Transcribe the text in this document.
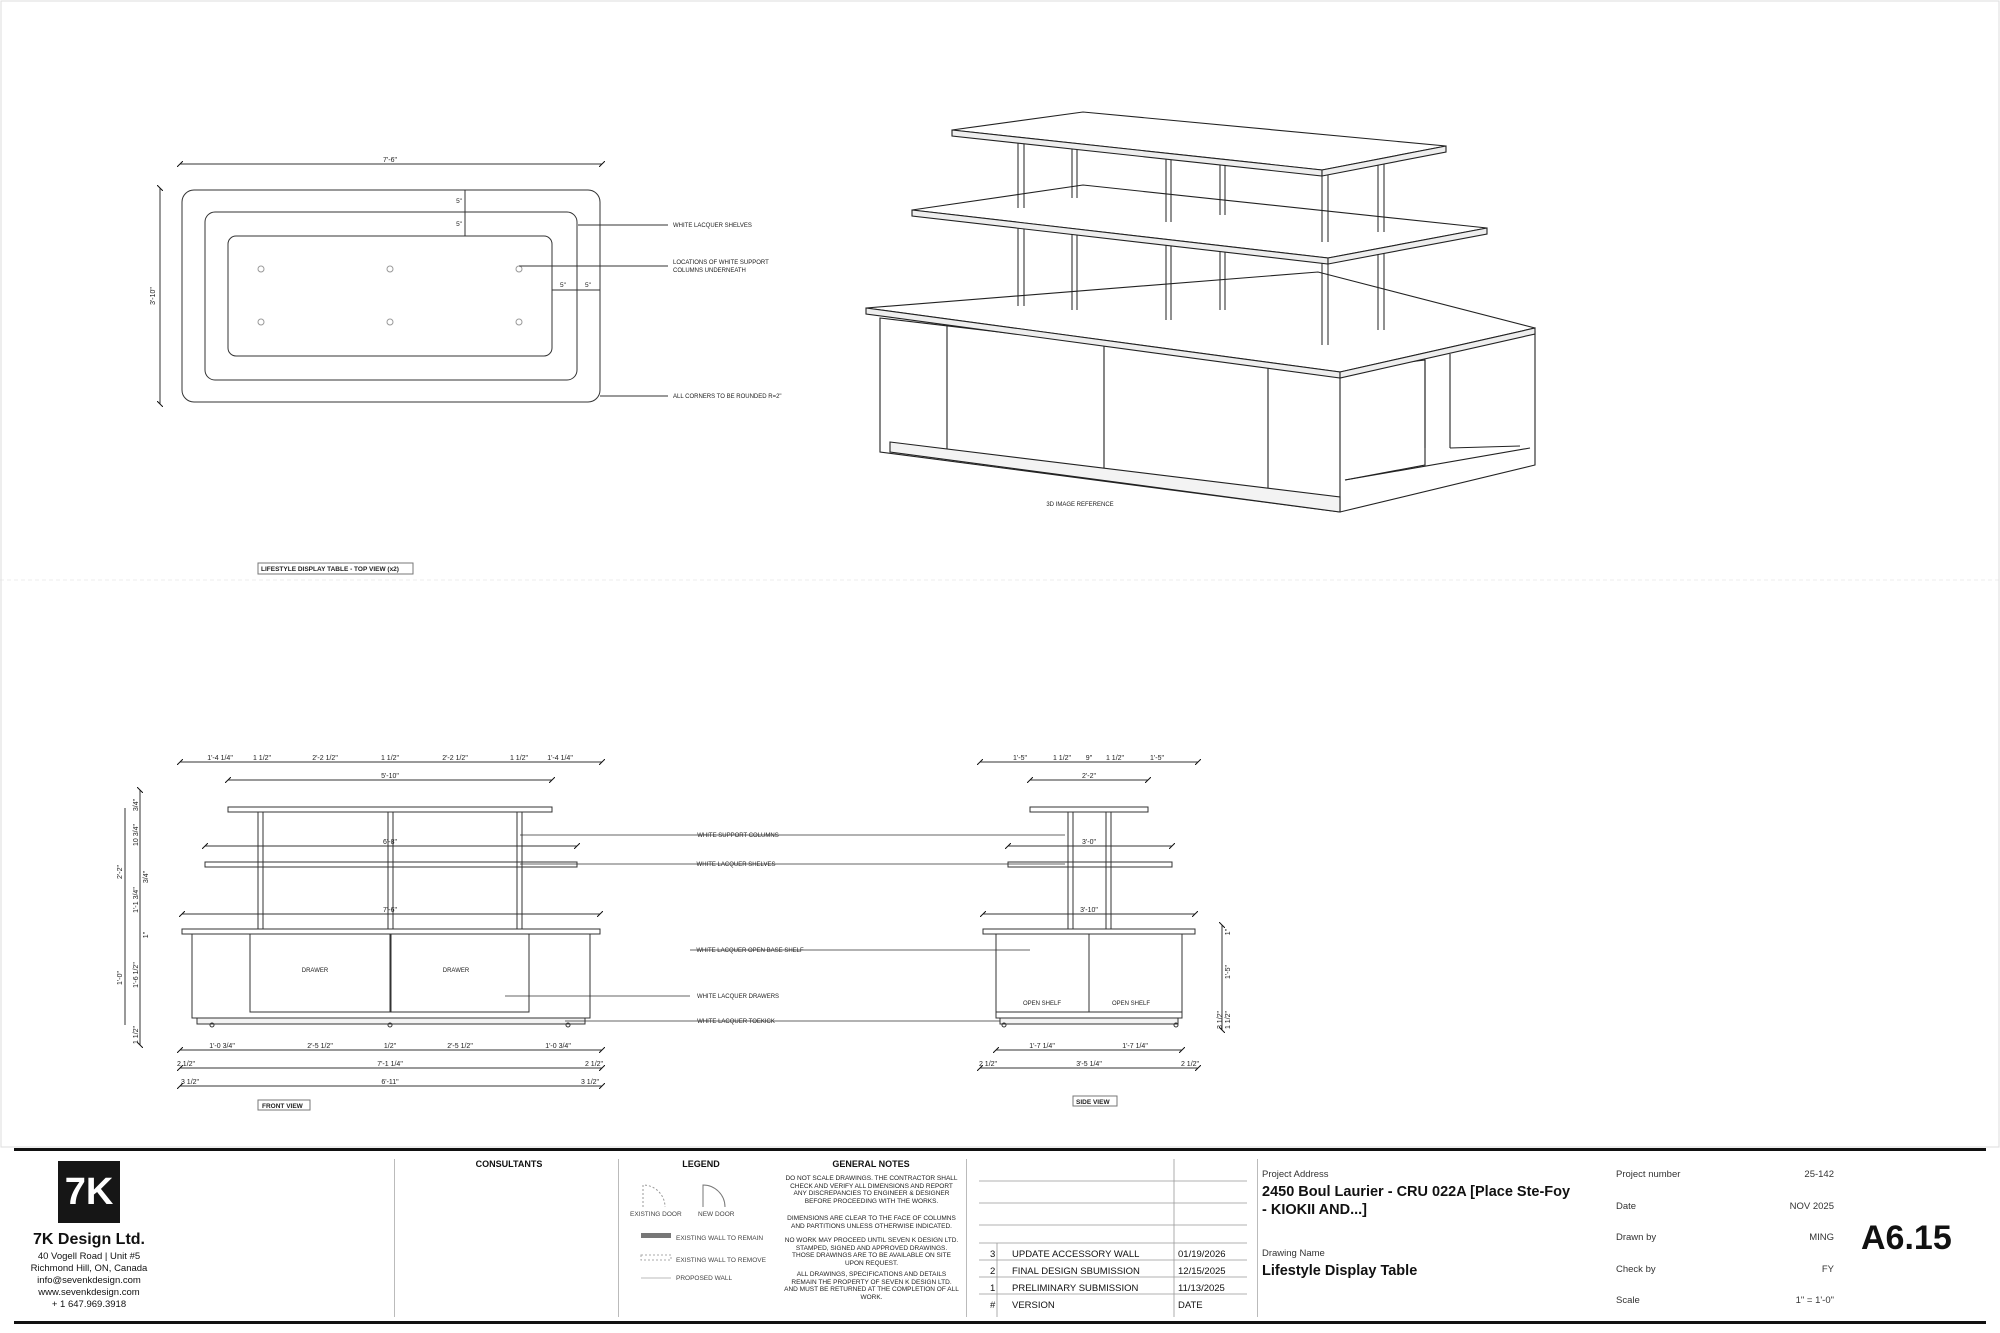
7'-6"
3'-10"
5"
5"
5"	5"
WHITE LACQUER SHELVES
LOCATIONS OF WHITE SUPPORT
COLUMNS UNDERNEATH
ALL CORNERS TO BE ROUNDED R=2"
LIFESTYLE DISPLAY TABLE - TOP VIEW (x2)
3D IMAGE REFERENCE
1'-4 1/4"	1 1/2"	2'-2 1/2"	1 1/2"	2'-2 1/2"	1 1/2"	1'-4 1/4"
5'-10"
6'-8"
7'-6"
3/4"
10 3/4"
3/4"
2'-2"
1'-1 3/4"
1"
1'-0" 1'-6 1/2"
1 1/2"
DRAWER	DRAWER
1'-0 3/4"	2'-5 1/2"	1/2"	2'-5 1/2"	1'-0 3/4"
2 1/2"	7'-1 1/4"	2 1/2"
3 1/2"	6'-11"	3 1/2"
FRONT VIEW
WHITE SUPPORT COLUMNS
WHITE LACQUER SHELVES
WHITE LACQUER OPEN BASE SHELF
WHITE LACQUER DRAWERS
WHITE LACQUER TOEKICK
1'-5"	1 1/2" 9" 1 1/2"	1'-5"
2'-2"
3'-0"
3'-10"
1"
1'-5"
1 1/2"
3 1/2"
OPEN SHELF	OPEN SHELF
1'-7 1/4"	1'-7 1/4"
2 1/2"	3'-5 1/4"	2 1/2"
SIDE VIEW
7K
7K Design Ltd.
40 Vogell Road | Unit #5
Richmond Hill, ON, Canada
info@sevenkdesign.com
www.sevenkdesign.com
+ 1 647.969.3918
CONSULTANTS	LEGEND
EXISTING DOOR	NEW DOOR
EXISTING WALL TO REMAIN
EXISTING WALL TO REMOVE
PROPOSED WALL
GENERAL NOTES
DO NOT SCALE DRAWINGS. THE CONTRACTOR SHALL CHECK AND VERIFY ALL DIMENSIONS AND REPORT ANY DISCREPANCIES TO ENGINEER & DESIGNER BEFORE PROCEEDING WITH THE WORKS.
DIMENSIONS ARE CLEAR TO THE FACE OF COLUMNS AND PARTITIONS UNLESS OTHERWISE INDICATED.
NO WORK MAY PROCEED UNTIL SEVEN K DESIGN LTD. STAMPED, SIGNED AND APPROVED DRAWINGS. THOSE DRAWINGS ARE TO BE AVAILABLE ON SITE UPON REQUEST.
ALL DRAWINGS, SPECIFICATIONS AND DETAILS REMAIN THE PROPERTY OF SEVEN K DESIGN LTD. AND MUST BE RETURNED AT THE COMPLETION OF ALL WORK.
3 UPDATE ACCESSORY WALL	01/19/2026
2 FINAL DESIGN SBUMISSION	12/15/2025
1 PRELIMINARY SUBMISSION	11/13/2025
# VERSION	DATE
Project Address
2450 Boul Laurier - CRU 022A [Place Ste-Foy
- KIOKII AND...]
Drawing Name
Lifestyle Display Table
Project number	25-142
Date	NOV 2025
Drawn by	MING
Check by	FY
Scale	1" = 1'-0"
A6.15
